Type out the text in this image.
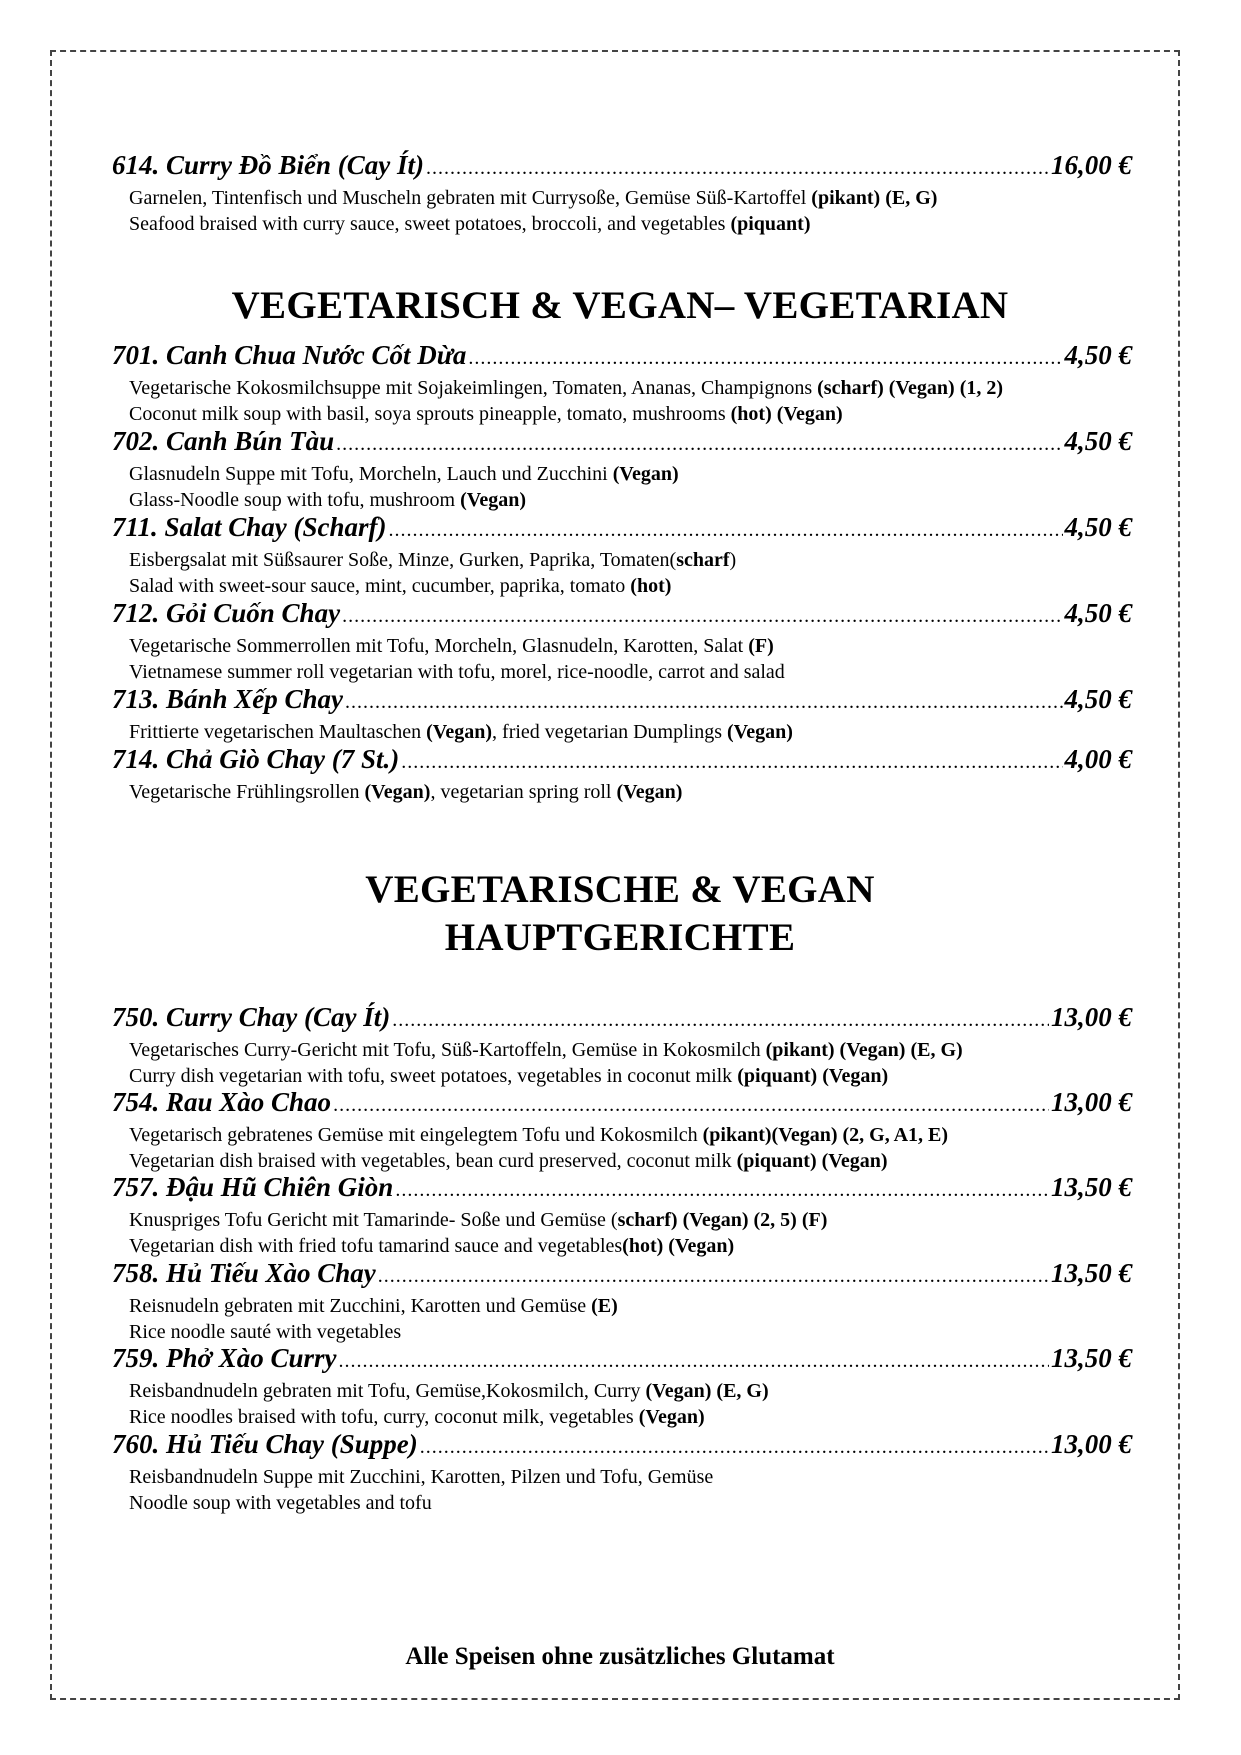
614. Curry Đồ Biển (Cay Ít) .....	16,00 €
Garnelen, Tintenfisch und Muscheln gebraten mit Currysoße, Gemüse Süß-Kartoffel (pikant) (E, G)
Seafood braised with curry sauce, sweet potatoes, broccoli, and vegetables (piquant)
VEGETARISCH & VEGAN– VEGETARIAN
701. Canh Chua Nước Cốt Dừa .....	4,50 €
Vegetarische Kokosmilchsuppe mit Sojakeimlingen, Tomaten, Ananas, Champignons (scharf) (Vegan) (1, 2)
Coconut milk soup with basil, soya sprouts pineapple, tomato, mushrooms (hot) (Vegan)
702. Canh Bún Tàu .....	4,50 €
Glasnudeln Suppe mit Tofu, Morcheln, Lauch und Zucchini (Vegan)
Glass-Noodle soup with tofu, mushroom (Vegan)
711. Salat Chay (Scharf) .....	4,50 €
Eisbergsalat mit Süßsaurer Soße, Minze, Gurken, Paprika, Tomaten(scharf)
Salad with sweet-sour sauce, mint, cucumber, paprika, tomato (hot)
712. Gỏi Cuốn Chay .....	4,50 €
Vegetarische Sommerrollen mit Tofu, Morcheln, Glasnudeln, Karotten, Salat (F)
Vietnamese summer roll vegetarian with tofu, morel, rice-noodle, carrot and salad
713. Bánh Xếp Chay .....	4,50 €
Frittierte vegetarischen Maultaschen (Vegan), fried vegetarian Dumplings (Vegan)
714. Chả Giò Chay (7 St.) .....	4,00 €
Vegetarische Frühlingsrollen (Vegan), vegetarian spring roll (Vegan)
VEGETARISCHE & VEGAN
HAUPTGERICHTE
750. Curry Chay (Cay Ít) .....	13,00 €
Vegetarisches Curry-Gericht mit Tofu, Süß-Kartoffeln, Gemüse in Kokosmilch (pikant) (Vegan) (E, G)
Curry dish vegetarian with tofu, sweet potatoes, vegetables in coconut milk (piquant) (Vegan)
754. Rau Xào Chao .....	13,00 €
Vegetarisch gebratenes Gemüse mit eingelegtem Tofu und Kokosmilch (pikant)(Vegan) (2, G, A1, E)
Vegetarian dish braised with vegetables, bean curd preserved, coconut milk (piquant) (Vegan)
757. Đậu Hũ Chiên Giòn .....	13,50 €
Knuspriges Tofu Gericht mit Tamarinde- Soße und Gemüse (scharf) (Vegan) (2, 5) (F)
Vegetarian dish with fried tofu tamarind sauce and vegetables(hot) (Vegan)
758. Hủ Tiếu Xào Chay .....	13,50 €
Reisnudeln gebraten mit Zucchini, Karotten und Gemüse (E)
Rice noodle sauté with vegetables
759. Phở Xào Curry .....	13,50 €
Reisbandnudeln gebraten mit Tofu, Gemüse,Kokosmilch, Curry (Vegan) (E, G)
Rice noodles braised with tofu, curry, coconut milk, vegetables (Vegan)
760. Hủ Tiếu Chay (Suppe) .....	13,00 €
Reisbandnudeln Suppe mit Zucchini, Karotten, Pilzen und Tofu, Gemüse
Noodle soup with vegetables and tofu
Alle Speisen ohne zusätzliches Glutamat
